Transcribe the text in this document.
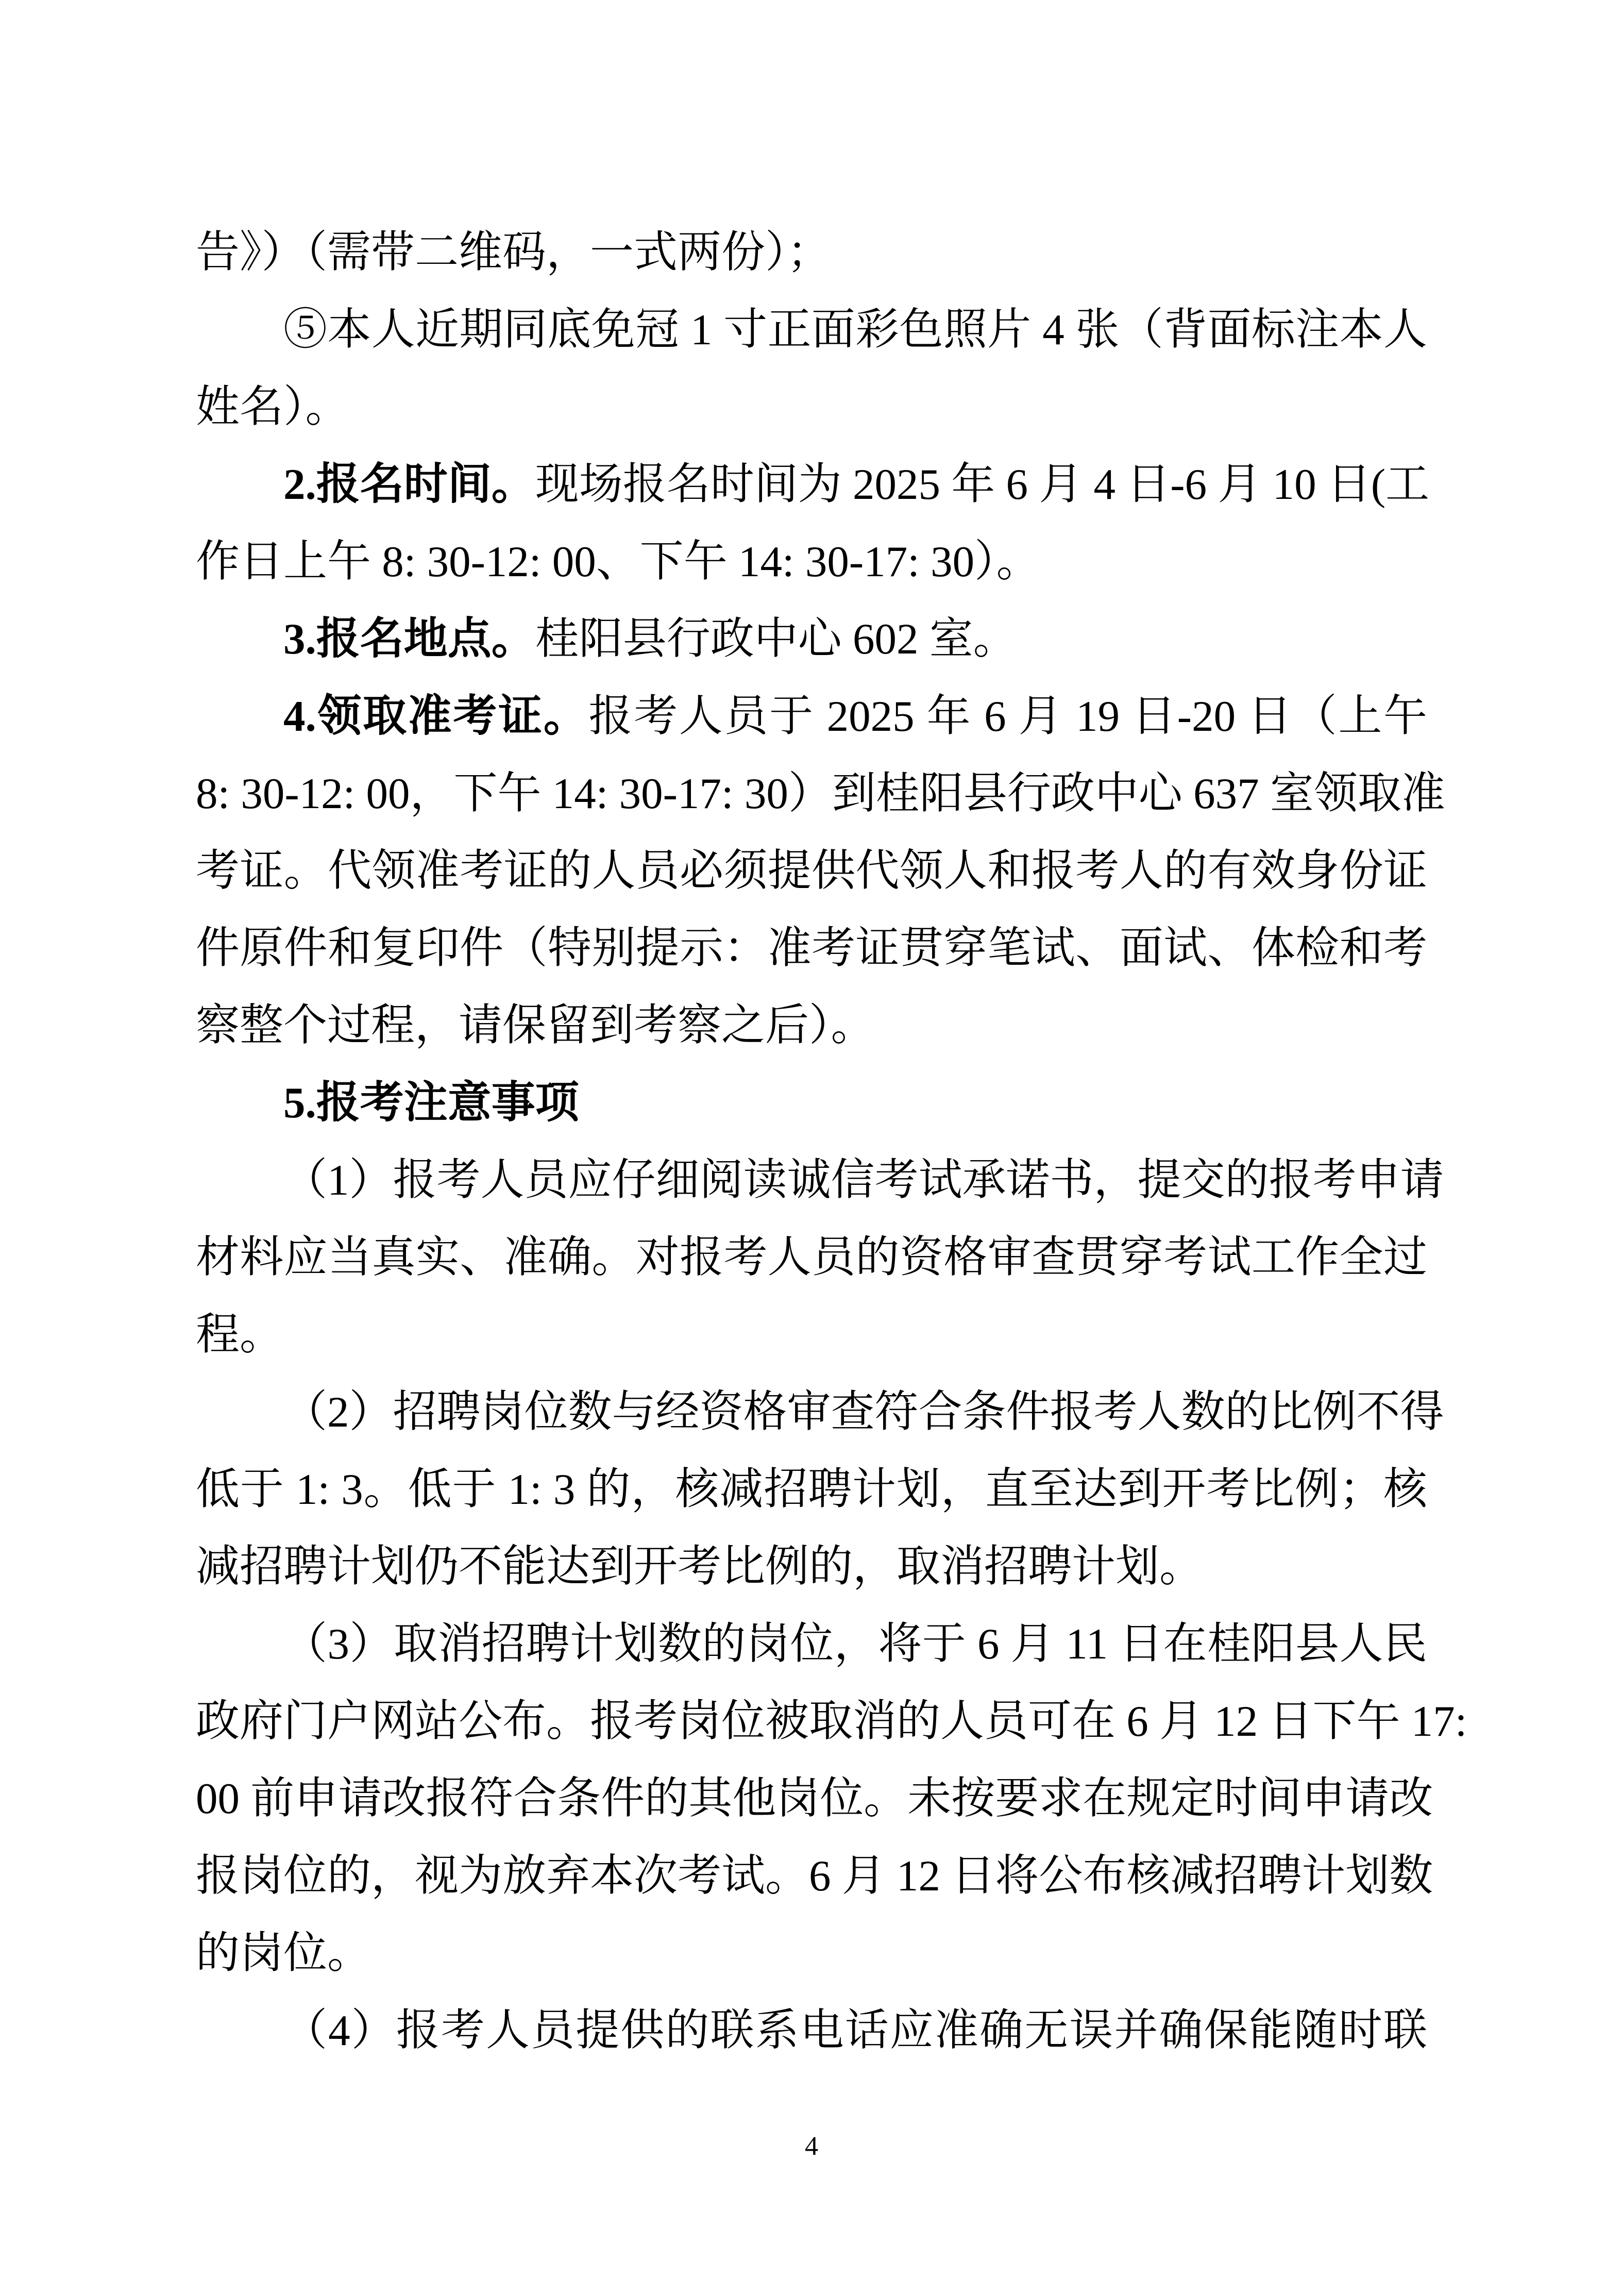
告》）（需带二维码，一式两份）；
⑤本人近期同底免冠 1 寸正面彩色照片 4 张（背面标注本人
姓名）。
2.报名时间。现场报名时间为 2025 年 6 月 4 日-6 月 10 日(工
作日上午 8: 30-12: 00、下午 14: 30-17: 30）。
3.报名地点。桂阳县行政中心 602 室。
4.领取准考证。报考人员于 2025 年 6 月 19 日-20 日（上午
8: 30-12: 00，下午 14: 30-17: 30）到桂阳县行政中心 637 室领取准
考证。代领准考证的人员必须提供代领人和报考人的有效身份证
件原件和复印件（特别提示：准考证贯穿笔试、面试、体检和考
察整个过程，请保留到考察之后）。
5.报考注意事项
（1）报考人员应仔细阅读诚信考试承诺书，提交的报考申请
材料应当真实、准确。对报考人员的资格审查贯穿考试工作全过
程。
（2）招聘岗位数与经资格审查符合条件报考人数的比例不得
低于 1: 3。低于 1: 3 的，核减招聘计划，直至达到开考比例；核
减招聘计划仍不能达到开考比例的，取消招聘计划。
（3）取消招聘计划数的岗位，将于 6 月 11 日在桂阳县人民
政府门户网站公布。报考岗位被取消的人员可在 6 月 12 日下午 17:
00 前申请改报符合条件的其他岗位。未按要求在规定时间申请改
报岗位的，视为放弃本次考试。6 月 12 日将公布核减招聘计划数
的岗位。
（4）报考人员提供的联系电话应准确无误并确保能随时联
4
